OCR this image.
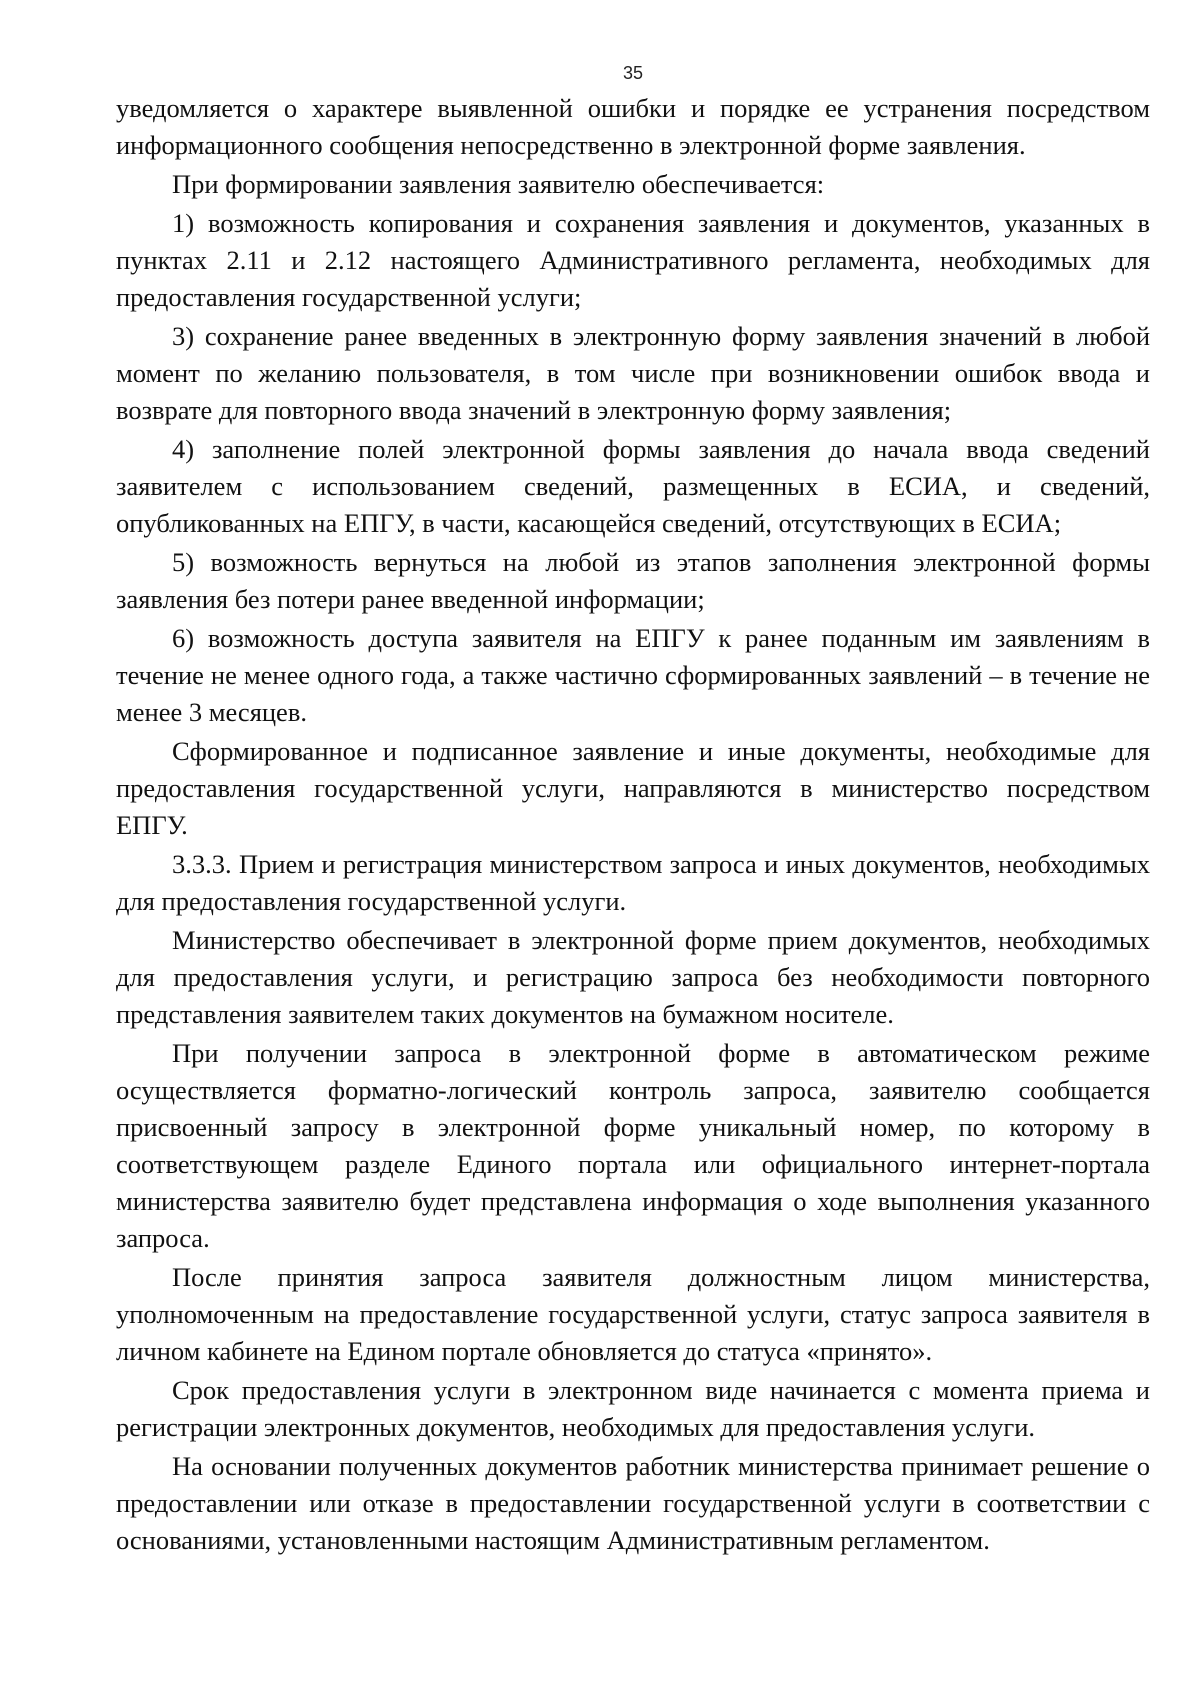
35

уведомляется о характере выявленной ошибки и порядке ее устранения посредством информационного сообщения непосредственно в электронной форме заявления.

При формировании заявления заявителю обеспечивается:

1) возможность копирования и сохранения заявления и документов, указанных в пунктах 2.11 и 2.12 настоящего Административного регламента, необходимых для предоставления государственной услуги;

3) сохранение ранее введенных в электронную форму заявления значений в любой момент по желанию пользователя, в том числе при возникновении ошибок ввода и возврате для повторного ввода значений в электронную форму заявления;

4) заполнение полей электронной формы заявления до начала ввода сведений заявителем с использованием сведений, размещенных в ЕСИА, и сведений, опубликованных на ЕПГУ, в части, касающейся сведений, отсутствующих в ЕСИА;

5) возможность вернуться на любой из этапов заполнения электронной формы заявления без потери ранее введенной информации;

6) возможность доступа заявителя на ЕПГУ к ранее поданным им заявлениям в течение не менее одного года, а также частично сформированных заявлений – в течение не менее 3 месяцев.

Сформированное и подписанное заявление и иные документы, необходимые для предоставления государственной услуги, направляются в министерство посредством ЕПГУ.

3.3.3. Прием и регистрация министерством запроса и иных документов, необходимых для предоставления государственной услуги.

Министерство обеспечивает в электронной форме прием документов, необходимых для предоставления услуги, и регистрацию запроса без необходимости повторного представления заявителем таких документов на бумажном носителе.

При получении запроса в электронной форме в автоматическом режиме осуществляется форматно-логический контроль запроса, заявителю сообщается присвоенный запросу в электронной форме уникальный номер, по которому в соответствующем разделе Единого портала или официального интернет-портала министерства заявителю будет представлена информация о ходе выполнения указанного запроса.

После принятия запроса заявителя должностным лицом министерства, уполномоченным на предоставление государственной услуги, статус запроса заявителя в личном кабинете на Едином портале обновляется до статуса «принято».

Срок предоставления услуги в электронном виде начинается с момента приема и регистрации электронных документов, необходимых для предоставления услуги.

На основании полученных документов работник министерства принимает решение о предоставлении или отказе в предоставлении государственной услуги в соответствии с основаниями, установленными настоящим Административным регламентом.
